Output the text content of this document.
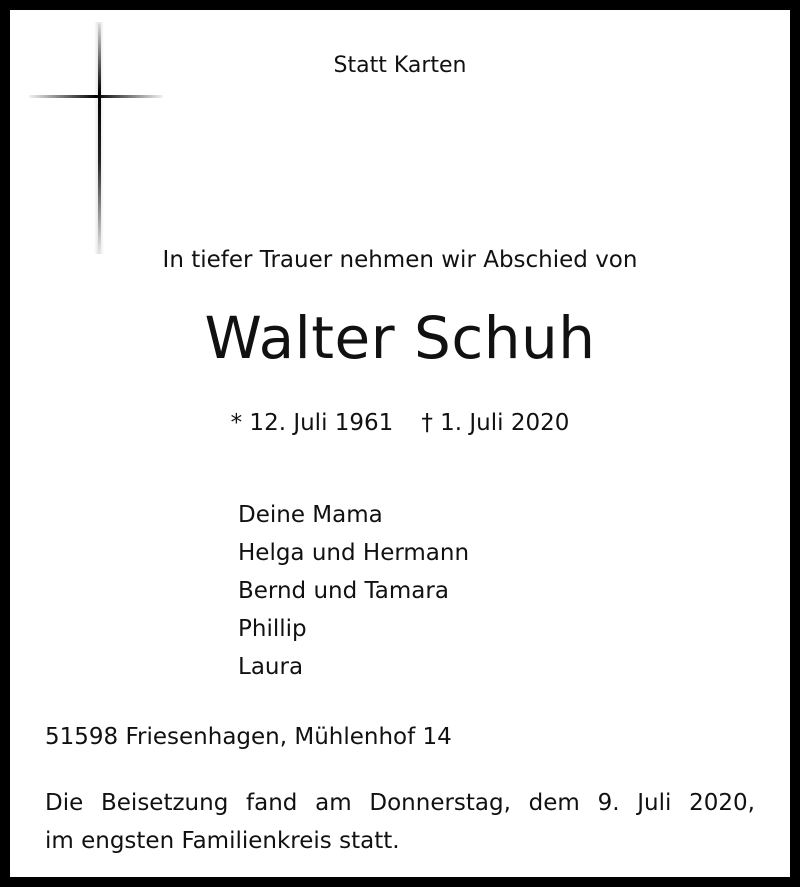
Statt Karten
In tiefer Trauer nehmen wir Abschied von
Walter Schuh
* 12. Juli 1961 † 1. Juli 2020
Deine Mama
Helga und Hermann
Bernd und Tamara
Phillip
Laura
51598 Friesenhagen, Mühlenhof 14
Die Beisetzung fand am Donnerstag, dem 9. Juli 2020,
im engsten Familienkreis statt.
